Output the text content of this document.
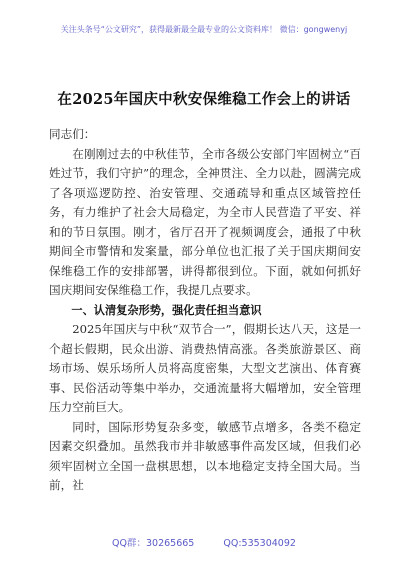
关注头条号“公文研究”，获得最新最全最专业的公文资料库！ 微信：gongwenyj
在2025年国庆中秋安保维稳工作会上的讲话

同志们：

在刚刚过去的中秋佳节，全市各级公安部门牢固树立“百姓过节，我们守护”的理念，全神贯注、全力以赴，圆满完成了各项巡逻防控、治安管理、交通疏导和重点区域管控任务，有力维护了社会大局稳定，为全市人民营造了平安、祥和的节日氛围。刚才，省厅召开了视频调度会，通报了中秋期间全市警情和发案量，部分单位也汇报了关于国庆期间安保维稳工作的安排部署，讲得都很到位。下面，就如何抓好国庆期间安保维稳工作，我提几点要求。

一、认清复杂形势，强化责任担当意识

2025年国庆与中秋“双节合一”，假期长达八天，这是一个超长假期，民众出游、消费热情高涨。各类旅游景区、商场市场、娱乐场所人员将高度密集，大型文艺演出、体育赛事、民俗活动等集中举办，交通流量将大幅增加，安全管理压力空前巨大。

同时，国际形势复杂多变，敏感节点增多，各类不稳定因素交织叠加。虽然我市并非敏感事件高发区域，但我们必须牢固树立全国一盘棋思想，以本地稳定支持全国大局。当前，社

QQ群：30265665	QQ:535304092
